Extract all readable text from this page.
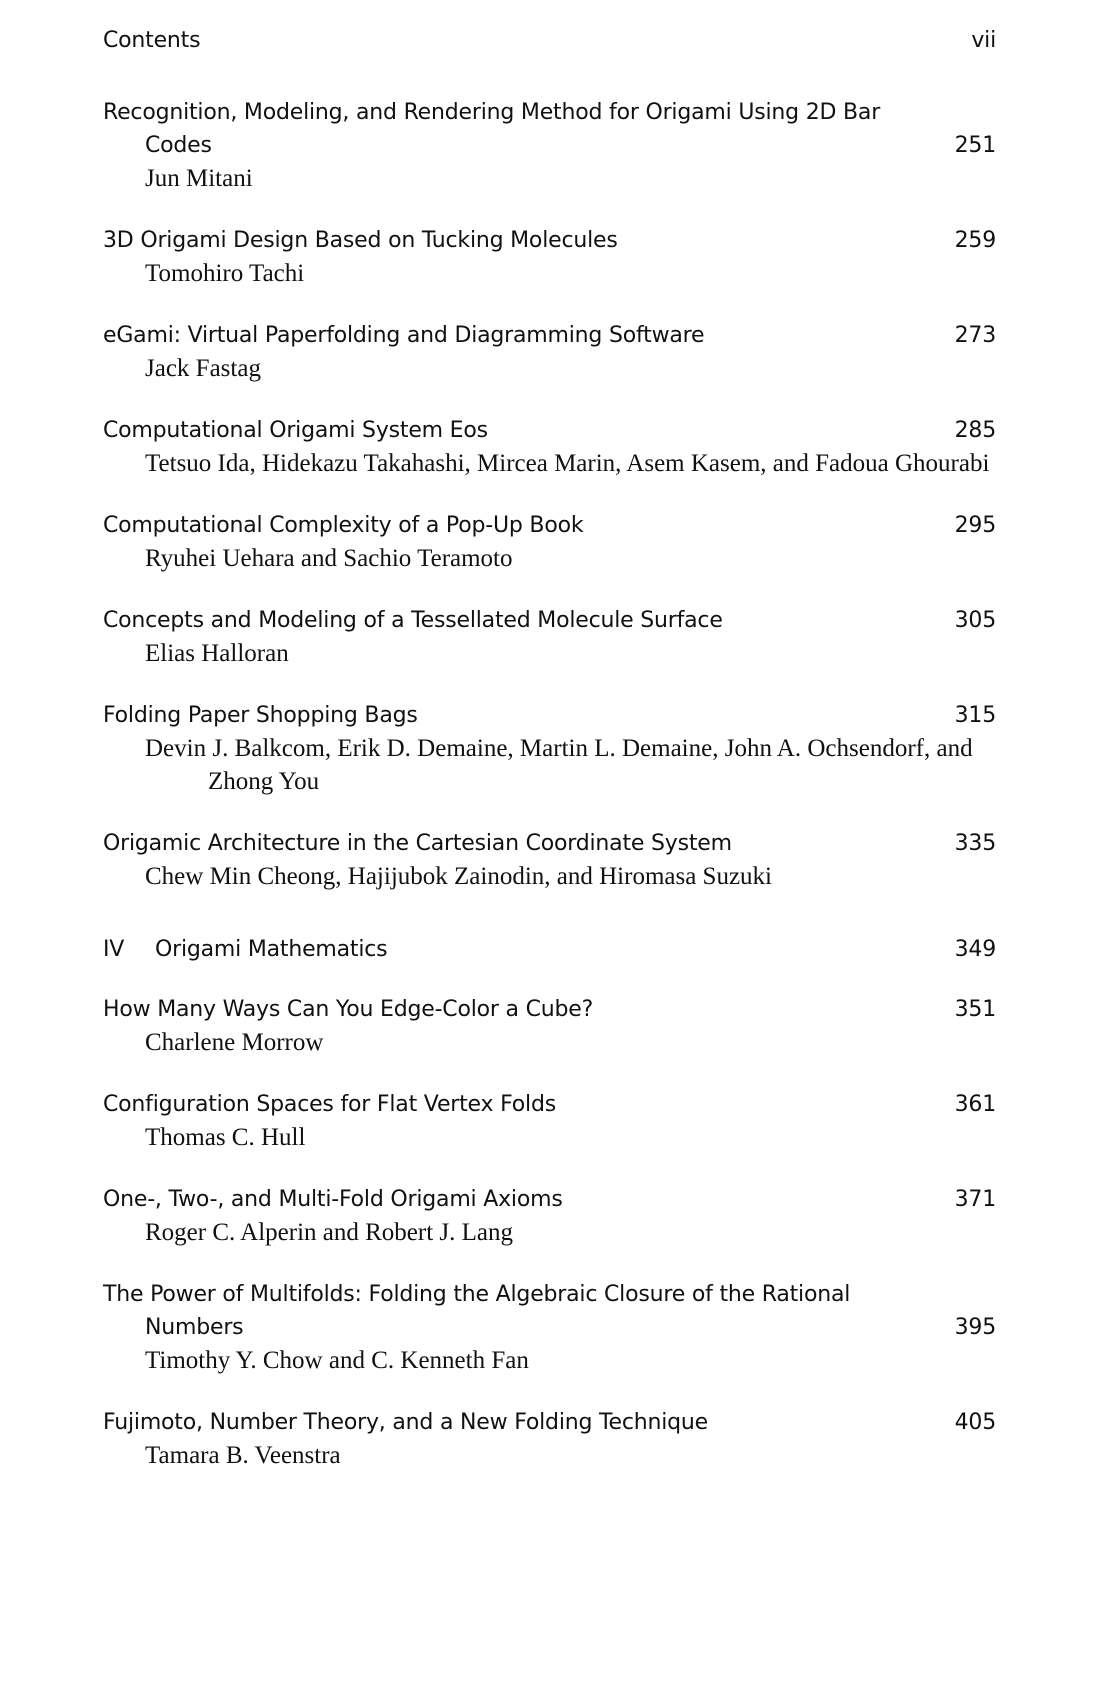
Contents	vii

Recognition, Modeling, and Rendering Method for Origami Using 2D Bar Codes	251

Jun Mitani

3D Origami Design Based on Tucking Molecules	259

Tomohiro Tachi

eGami: Virtual Paperfolding and Diagramming Software	273

Jack Fastag

Computational Origami System Eos	285

Tetsuo Ida, Hidekazu Takahashi, Mircea Marin, Asem Kasem, and Fadoua Ghourabi

Computational Complexity of a Pop-Up Book	295

Ryuhei Uehara and Sachio Teramoto

Concepts and Modeling of a Tessellated Molecule Surface	305

Elias Halloran

Folding Paper Shopping Bags	315

Devin J. Balkcom, Erik D. Demaine, Martin L. Demaine, John A. Ochsendorf, and Zhong You

Origamic Architecture in the Cartesian Coordinate System	335

Chew Min Cheong, Hajijubok Zainodin, and Hiromasa Suzuki

IV	Origami Mathematics	349

How Many Ways Can You Edge-Color a Cube?	351

Charlene Morrow

Configuration Spaces for Flat Vertex Folds	361

Thomas C. Hull

One-, Two-, and Multi-Fold Origami Axioms	371

Roger C. Alperin and Robert J. Lang

The Power of Multifolds: Folding the Algebraic Closure of the Rational Numbers	395

Timothy Y. Chow and C. Kenneth Fan

Fujimoto, Number Theory, and a New Folding Technique	405

Tamara B. Veenstra
